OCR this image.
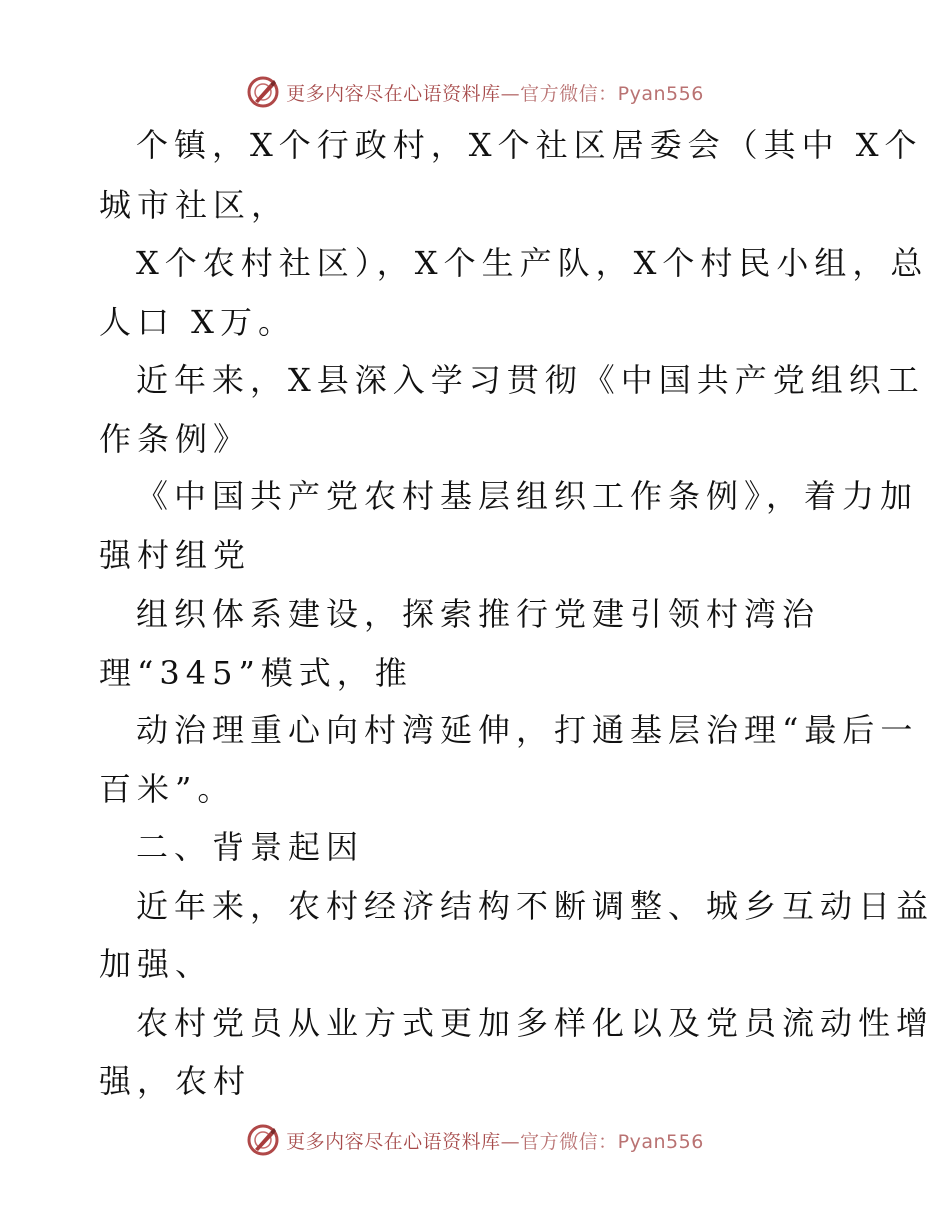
更多内容尽在心语资料库—官方微信：Pyan556
个镇，X个行政村，X个社区居委会（其中 X个
城市社区，
X个农村社区），X个生产队，X个村民小组，总
人口 X万。
近年来，X县深入学习贯彻《中国共产党组织工
作条例》
《中国共产党农村基层组织工作条例》，着力加
强村组党
组织体系建设，探索推行党建引领村湾治
理“345”模式，推
动治理重心向村湾延伸，打通基层治理“最后一
百米”。
二、背景起因
近年来，农村经济结构不断调整、城乡互动日益
加强、
农村党员从业方式更加多样化以及党员流动性增
强，农村
更多内容尽在心语资料库—官方微信：Pyan556
